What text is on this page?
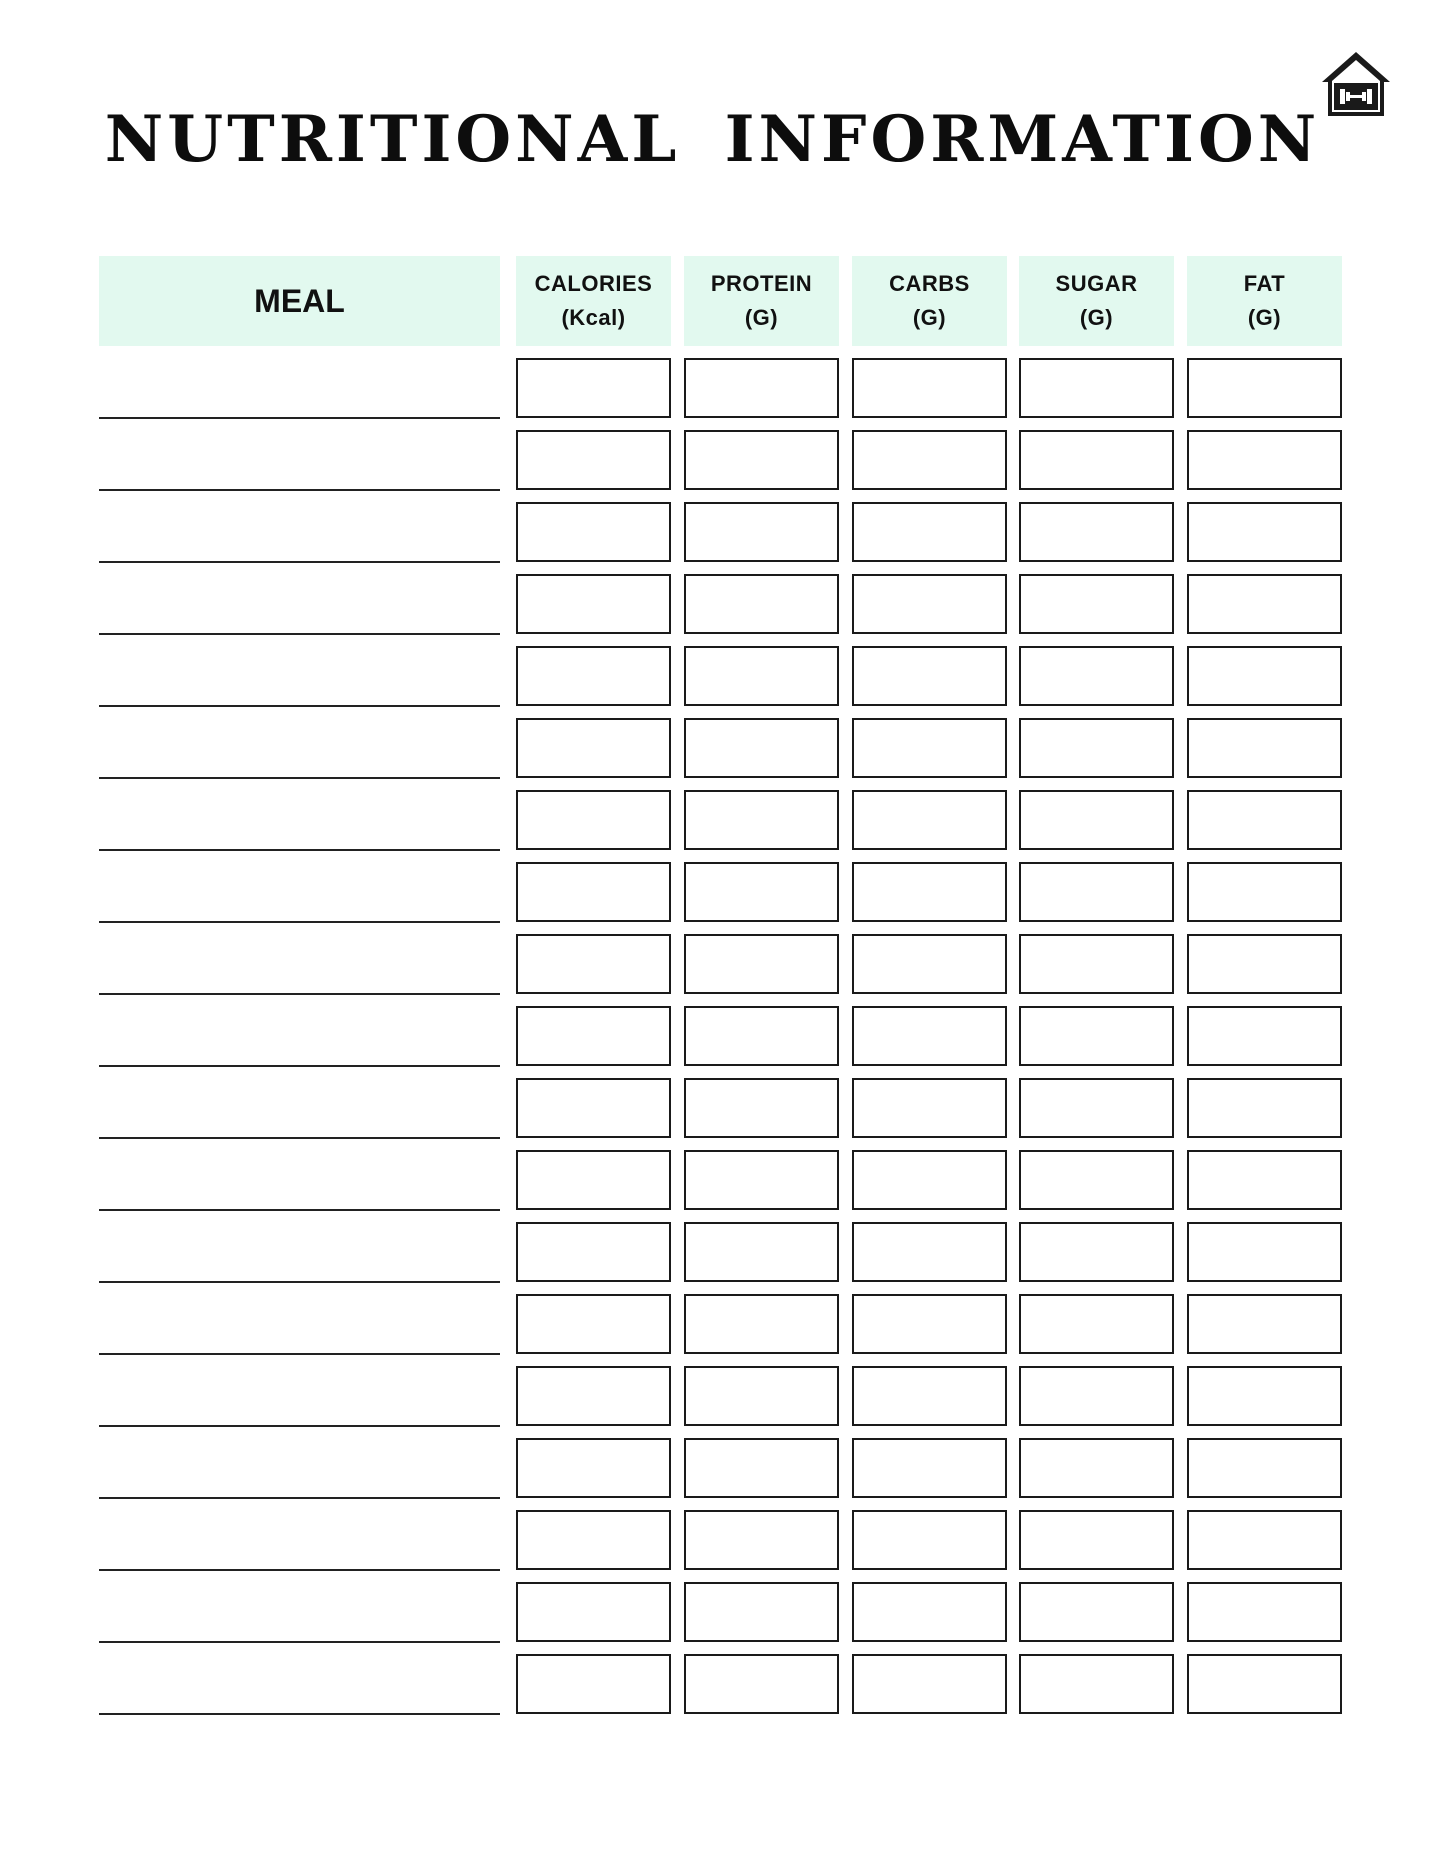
NUTRITIONAL INFORMATION
MEAL	CALORIES
(Kcal)
PROTEIN
(G)
CARBS
(G)
SUGAR
(G)
FAT
(G)
